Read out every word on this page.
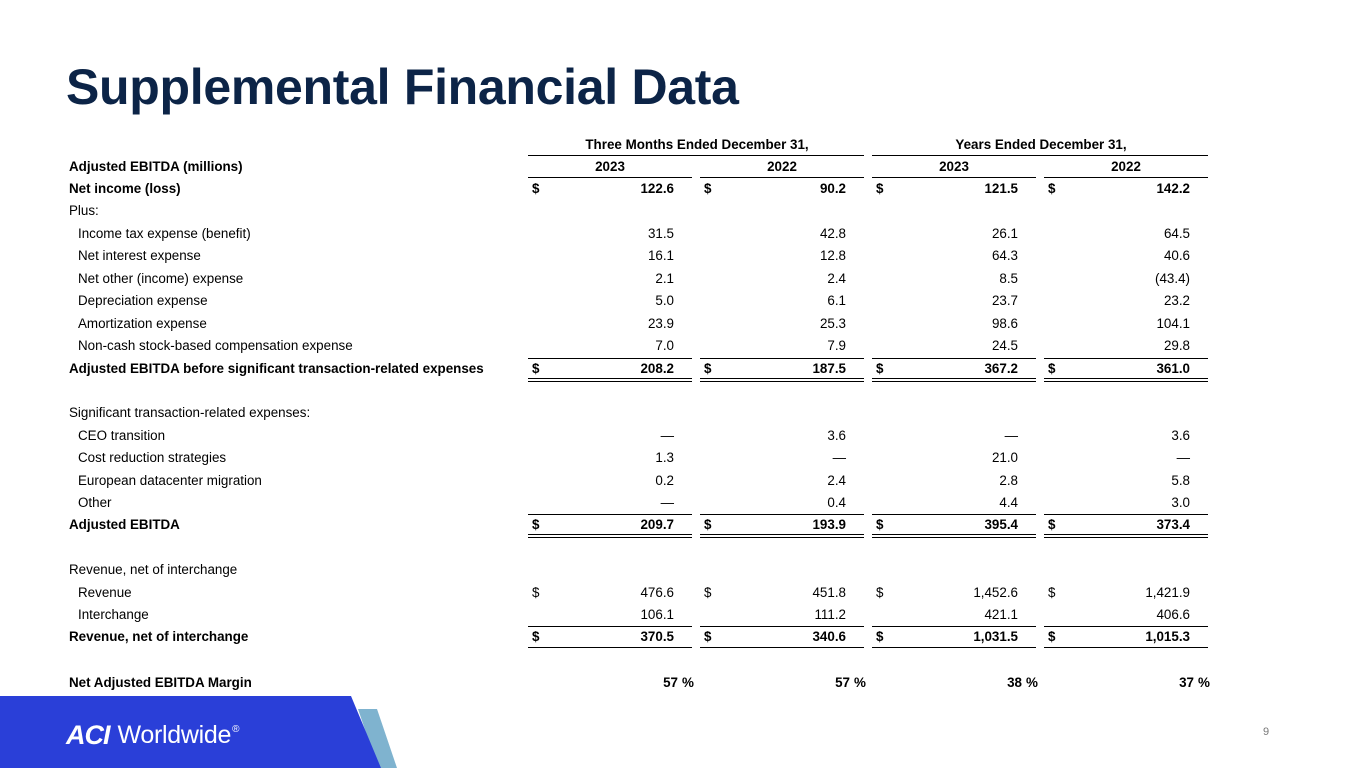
Supplemental Financial Data
Three Months Ended December 31,	Years Ended December 31,
Adjusted EBITDA (millions)	2023	2022	2023	2022
Net income (loss)	$	122.6 $	90.2 $	121.5 $	142.2
Plus:
Income tax expense (benefit)	31.5	42.8	26.1	64.5
Net interest expense	16.1	12.8	64.3	40.6
Net other (income) expense	2.1	2.4	8.5	(43.4)
Depreciation expense	5.0	6.1	23.7	23.2
Amortization expense	23.9	25.3	98.6	104.1
Non-cash stock-based compensation expense	7.0	7.9	24.5	29.8
Adjusted EBITDA before significant transaction-related expenses	$	208.2 $	187.5 $	367.2 $	361.0
Significant transaction-related expenses:
CEO transition	—	3.6	—	3.6
Cost reduction strategies	1.3	—	21.0	—
European datacenter migration	0.2	2.4	2.8	5.8
Other	—	0.4	4.4	3.0
Adjusted EBITDA	$	209.7 $	193.9 $	395.4 $	373.4
Revenue, net of interchange
Revenue	$	476.6 $	451.8 $	1,452.6 $	1,421.9
Interchange	106.1	111.2	421.1	406.6
Revenue, net of interchange	$	370.5 $	340.6 $	1,031.5 $	1,015.3
Net Adjusted EBITDA Margin	57 %	57 %	38 %	37 %
ACI Worldwide ®	9
